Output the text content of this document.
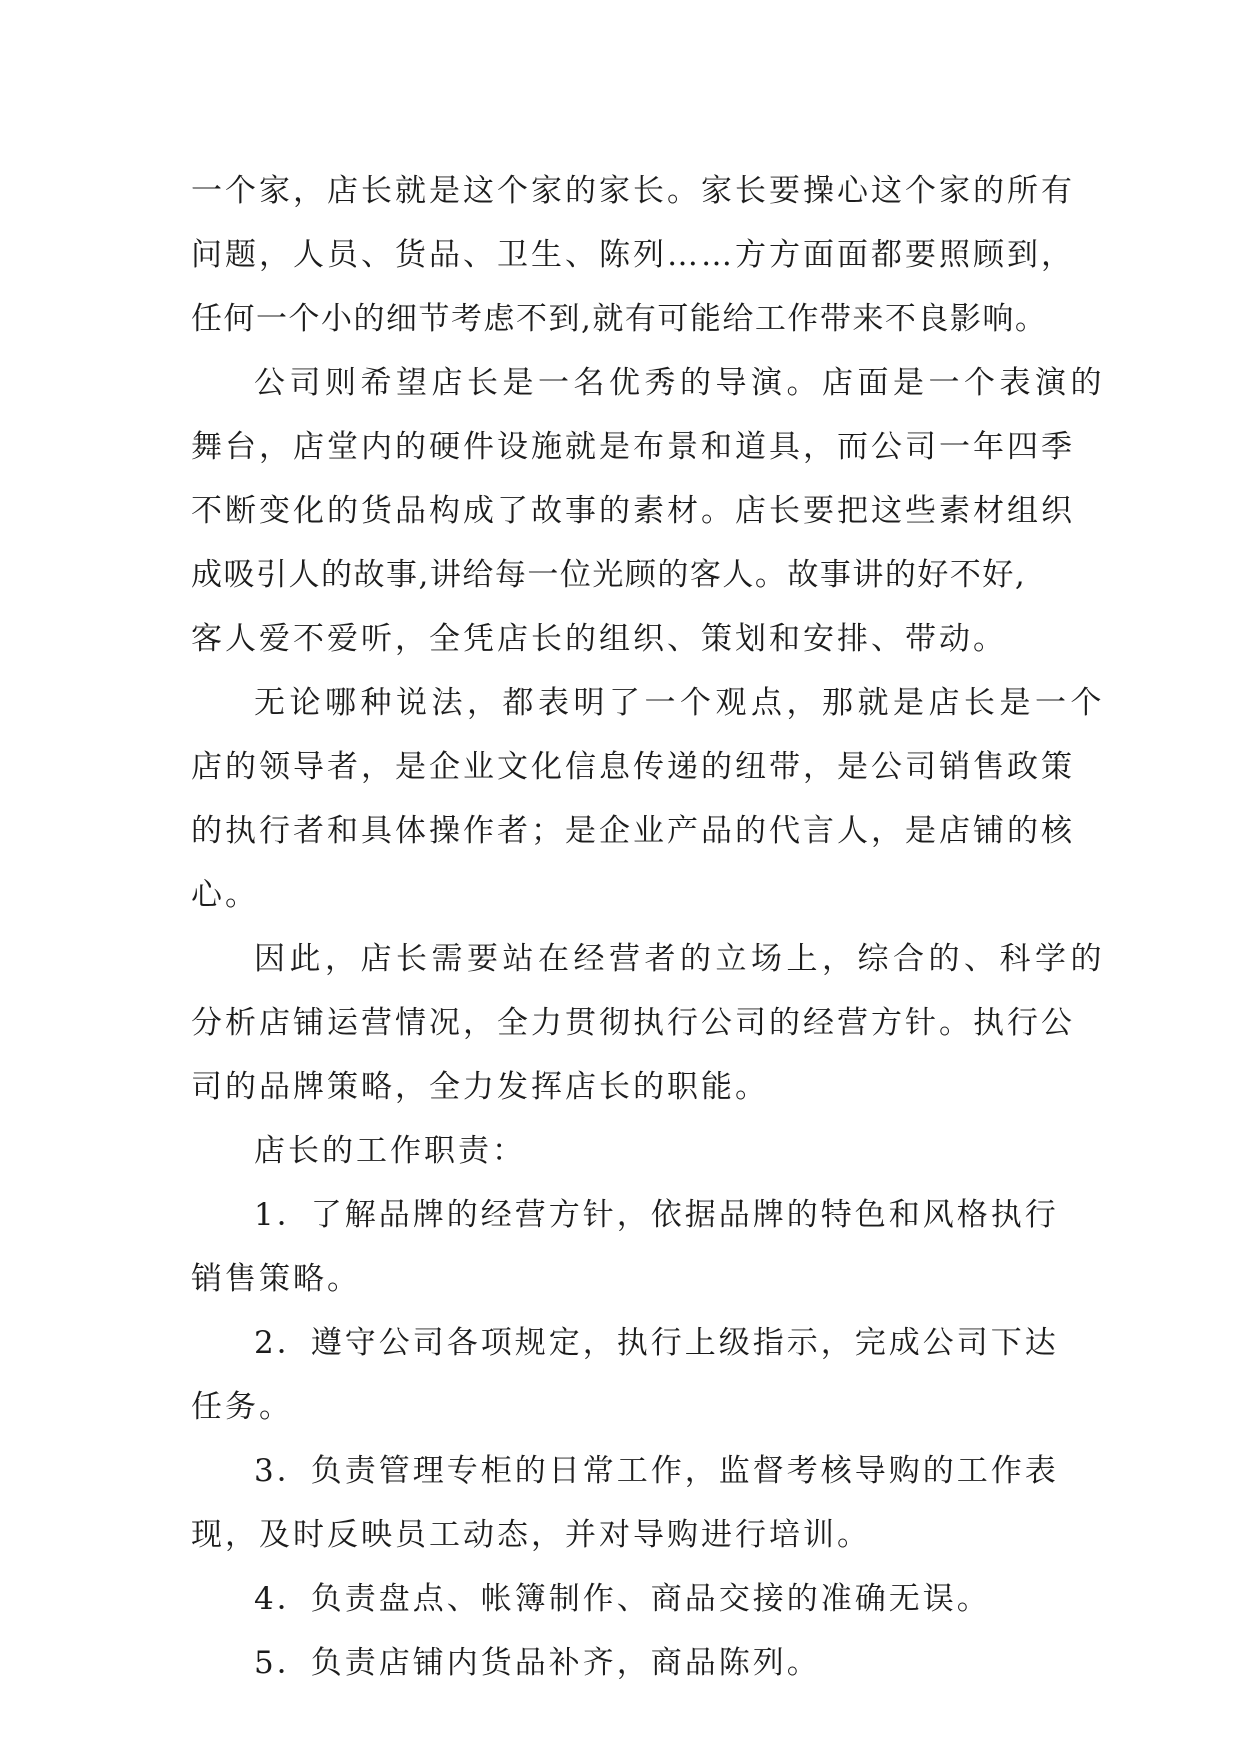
一个家，店长就是这个家的家长。家长要操心这个家的所有
问题，人员、货品、卫生、陈列……方方面面都要照顾到，
任何一个小的细节考虑不到,就有可能给工作带来不良影响。
公司则希望店长是一名优秀的导演。店面是一个表演的
舞台，店堂内的硬件设施就是布景和道具，而公司一年四季
不断变化的货品构成了故事的素材。店长要把这些素材组织
成吸引人的故事,讲给每一位光顾的客人。故事讲的好不好,
客人爱不爱听，全凭店长的组织、策划和安排、带动。
无论哪种说法，都表明了一个观点，那就是店长是一个
店的领导者，是企业文化信息传递的纽带，是公司销售政策
的执行者和具体操作者；是企业产品的代言人，是店铺的核
心。
因此，店长需要站在经营者的立场上，综合的、科学的
分析店铺运营情况，全力贯彻执行公司的经营方针。执行公
司的品牌策略，全力发挥店长的职能。
店长的工作职责：
1．了解品牌的经营方针，依据品牌的特色和风格执行
销售策略。
2．遵守公司各项规定，执行上级指示，完成公司下达
任务。
3．负责管理专柜的日常工作，监督考核导购的工作表
现，及时反映员工动态，并对导购进行培训。
4．负责盘点、帐簿制作、商品交接的准确无误。
5．负责店铺内货品补齐，商品陈列。
